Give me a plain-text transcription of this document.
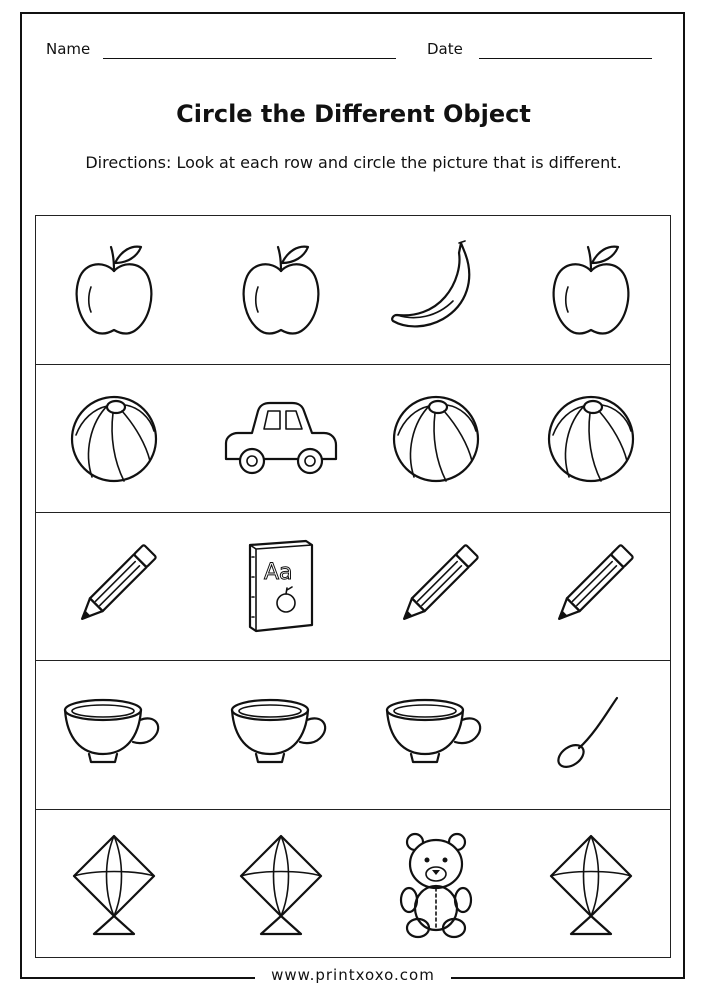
Name	Date
Circle the Different Object
Directions: Look at each row and circle the picture that is different.
Aa
www.printxoxo.com
